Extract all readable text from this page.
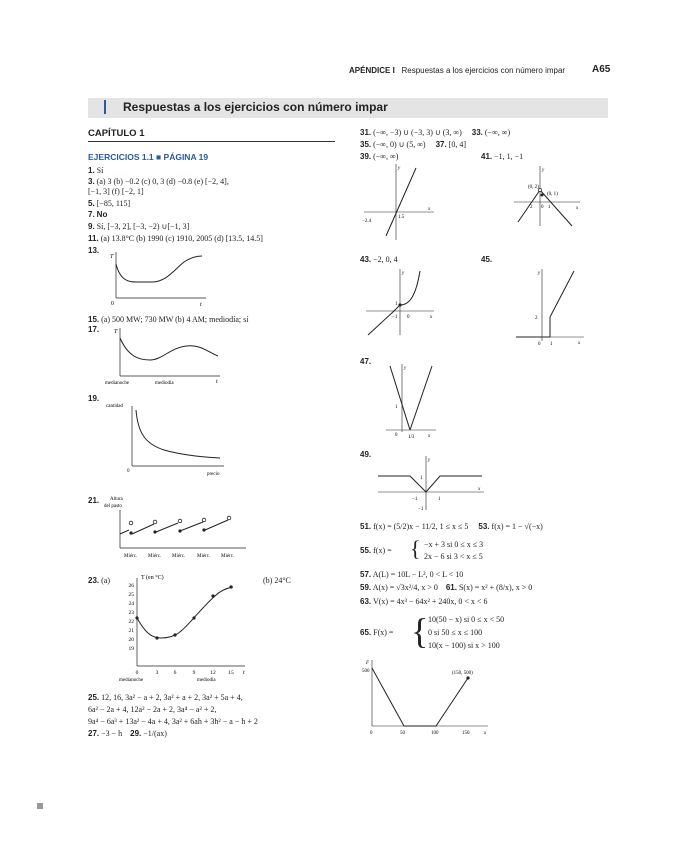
APÉNDICE I Respuestas a los ejercicios con número impar	A65
Respuestas a los ejercicios con número impar
CAPÍTULO 1
EJERCICIOS 1.1 ■ PÁGINA 19
1. Sí
3. (a) 3 (b) −0.2 (c) 0, 3 (d) −0.8 (e) [−2, 4],
[−1, 3] (f) [−2, 1]
5. [−85, 115]
7. No
9. Sí, [−3, 2], [−3, −2) ∪[−1, 3]
11. (a) 13.8°C (b) 1990 (c) 1910, 2005 (d) [13.5, 14.5]
13.
T
0	t
15. (a) 500 MW; 730 MW (b) 4 AM; mediodía; sí
17. T
t
medianoche	mediodía
19.
cantidad
precio
0
21. Altura
del pasto
Miérc. Miérc. Miérc. Miérc. Miérc.
23. (a)	(b) 24°C
T (en °C)
26
25
24
23
22
21
20
19
0	3	6	9	12 15 t
medianoche	mediodía
25. 12, 16, 3a² − a + 2, 3a² + a + 2, 3a² + 5a + 4,
6a² − 2a + 4, 12a² − 2a + 2, 3a⁴ − a² + 2,
9a⁴ − 6a³ + 13a² − 4a + 4, 3a² + 6ah + 3h² − a − h + 2
27. −3 − h 29. −1/(ax)
31. (−∞, −3) ∪ (−3, 3) ∪ (3, ∞) 33. (−∞, ∞)
35. (−∞, 0) ∪ (5, ∞) 37. [0, 4]
39. (−∞, ∞)	41. −1, 1, −1
y
x
−2.4
1.5
y
x
(0, 2)
(0, 1)
2 0 1
43. −2, 0, 4	45.
y
x
−1 0
1
y
x
0 1
2
47.
y
x
0
1
1/3
49.
y
x
1
−1	1
−1
51. f(x) = (5/2)x − 11/2, 1 ≤ x ≤ 5 53. f(x) = 1 − √(−x)
55. f(x) = { −x + 3 si 0 ≤ x ≤ 3
2x − 6 si 3 < x ≤ 5
57. A(L) = 10L − L², 0 < L < 10
59. A(x) = √3x²/4, x > 0 61. S(x) = x² + (8/x), x > 0
63. V(x) = 4x³ − 64x² + 240x, 0 < x < 6
65. F(x) = { 10(50 − x) si 0 ≤ x < 50
0 si 50 ≤ x ≤ 100
10(x − 100) si x > 100
F
x
500
0	50	100	150
(150, 500)
